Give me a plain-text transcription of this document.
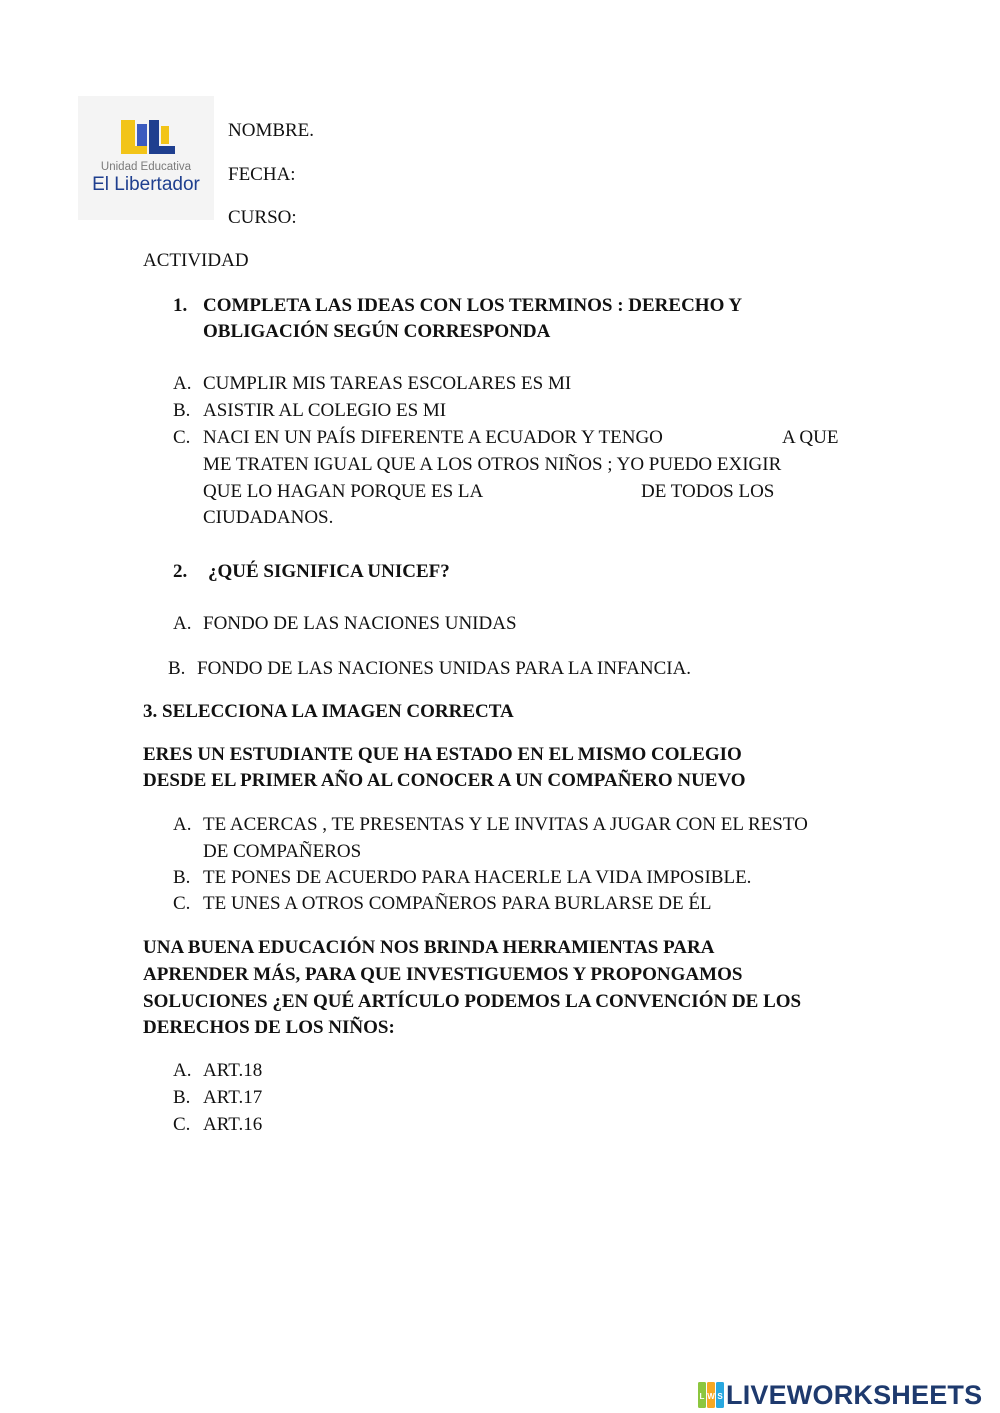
Unidad Educativa
El Libertador
NOMBRE.
FECHA:
CURSO:
ACTIVIDAD
1. COMPLETA LAS IDEAS CON LOS TERMINOS : DERECHO Y
OBLIGACIÓN SEGÚN CORRESPONDA
A. CUMPLIR MIS TAREAS ESCOLARES ES MI
B. ASISTIR AL COLEGIO ES MI
C. NACI EN UN PAÍS DIFERENTE A ECUADOR Y TENGO	A QUE
ME TRATEN IGUAL QUE A LOS OTROS NIÑOS ; YO PUEDO EXIGIR
QUE LO HAGAN PORQUE ES LA	DE TODOS LOS
CIUDADANOS.
2. ¿QUÉ SIGNIFICA UNICEF?
A. FONDO DE LAS NACIONES UNIDAS
B. FONDO DE LAS NACIONES UNIDAS PARA LA INFANCIA.
3. SELECCIONA LA IMAGEN CORRECTA
ERES UN ESTUDIANTE QUE HA ESTADO EN EL MISMO COLEGIO
DESDE EL PRIMER AÑO AL CONOCER A UN COMPAÑERO NUEVO
A. TE ACERCAS , TE PRESENTAS Y LE INVITAS A JUGAR CON EL RESTO
DE COMPAÑEROS
B. TE PONES DE ACUERDO PARA HACERLE LA VIDA IMPOSIBLE.
C. TE UNES A OTROS COMPAÑEROS PARA BURLARSE DE ÉL
UNA BUENA EDUCACIÓN NOS BRINDA HERRAMIENTAS PARA
APRENDER MÁS, PARA QUE INVESTIGUEMOS Y PROPONGAMOS
SOLUCIONES ¿EN QUÉ ARTÍCULO PODEMOS LA CONVENCIÓN DE LOS
DERECHOS DE LOS NIÑOS:
A. ART.18
B. ART.17
C. ART.16
L W S LIVEWORKSHEETS
